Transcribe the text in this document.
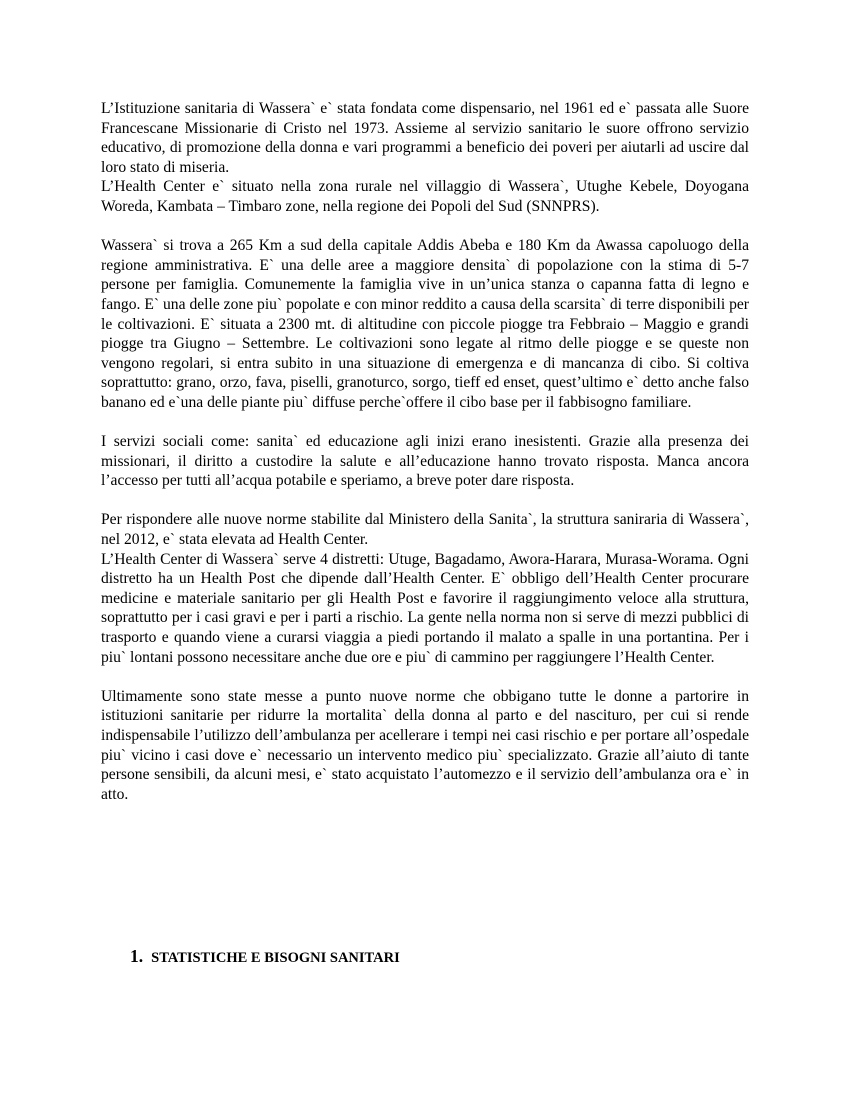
L’Istituzione sanitaria di Wassera` e` stata fondata come dispensario, nel 1961 ed e` passata alle Suore Francescane Missionarie di Cristo nel 1973. Assieme al servizio sanitario le suore offrono servizio educativo, di promozione della donna e vari programmi a beneficio dei poveri per aiutarli ad uscire dal loro stato di miseria.

L’Health Center e` situato nella zona rurale nel villaggio di Wassera`, Utughe Kebele, Doyogana Woreda, Kambata – Timbaro zone, nella regione dei Popoli del Sud (SNNPRS).

Wassera` si trova a 265 Km a sud della capitale Addis Abeba e 180 Km da Awassa capoluogo della regione amministrativa. E` una delle aree a maggiore densita` di popolazione con la stima di 5-7 persone per famiglia. Comunemente la famiglia vive in un’unica stanza o capanna fatta di legno e fango. E` una delle zone piu` popolate e con minor reddito a causa della scarsita` di terre disponibili per le coltivazioni. E` situata a 2300 mt. di altitudine con piccole piogge tra Febbraio – Maggio e grandi piogge tra Giugno – Settembre. Le coltivazioni sono legate al ritmo delle piogge e se queste non vengono regolari, si entra subito in una situazione di emergenza e di mancanza di cibo. Si coltiva soprattutto: grano, orzo, fava, piselli, granoturco, sorgo, tieff ed enset, quest’ultimo e` detto anche falso banano ed e`una delle piante piu` diffuse perche`offere il cibo base per il fabbisogno familiare.

I servizi sociali come: sanita` ed educazione agli inizi erano inesistenti. Grazie alla presenza dei missionari, il diritto a custodire la salute e all’educazione hanno trovato risposta. Manca ancora l’accesso per tutti all’acqua potabile e speriamo, a breve poter dare risposta.

Per rispondere alle nuove norme stabilite dal Ministero della Sanita`, la struttura saniraria di Wassera`, nel 2012, e` stata elevata ad Health Center.

L’Health Center di Wassera` serve 4 distretti: Utuge, Bagadamo, Awora-Harara, Murasa-Worama. Ogni distretto ha un Health Post che dipende dall’Health Center. E` obbligo dell’Health Center procurare medicine e materiale sanitario per gli Health Post e favorire il raggiungimento veloce alla struttura, soprattutto per i casi gravi e per i parti a rischio. La gente nella norma non si serve di mezzi pubblici di trasporto e quando viene a curarsi viaggia a piedi portando il malato a spalle in una portantina. Per i piu` lontani possono necessitare anche due ore e piu` di cammino per raggiungere l’Health Center.

Ultimamente sono state messe a punto nuove norme che obbigano tutte le donne a partorire in istituzioni sanitarie per ridurre la mortalita` della donna al parto e del nascituro, per cui si rende indispensabile l’utilizzo dell’ambulanza per acellerare i tempi nei casi rischio e per portare all’ospedale piu` vicino i casi dove e` necessario un intervento medico piu` specializzato. Grazie all’aiuto di tante persone sensibili, da alcuni mesi, e` stato acquistato l’automezzo e il servizio dell’ambulanza ora e` in atto.

1. STATISTICHE E BISOGNI SANITARI
